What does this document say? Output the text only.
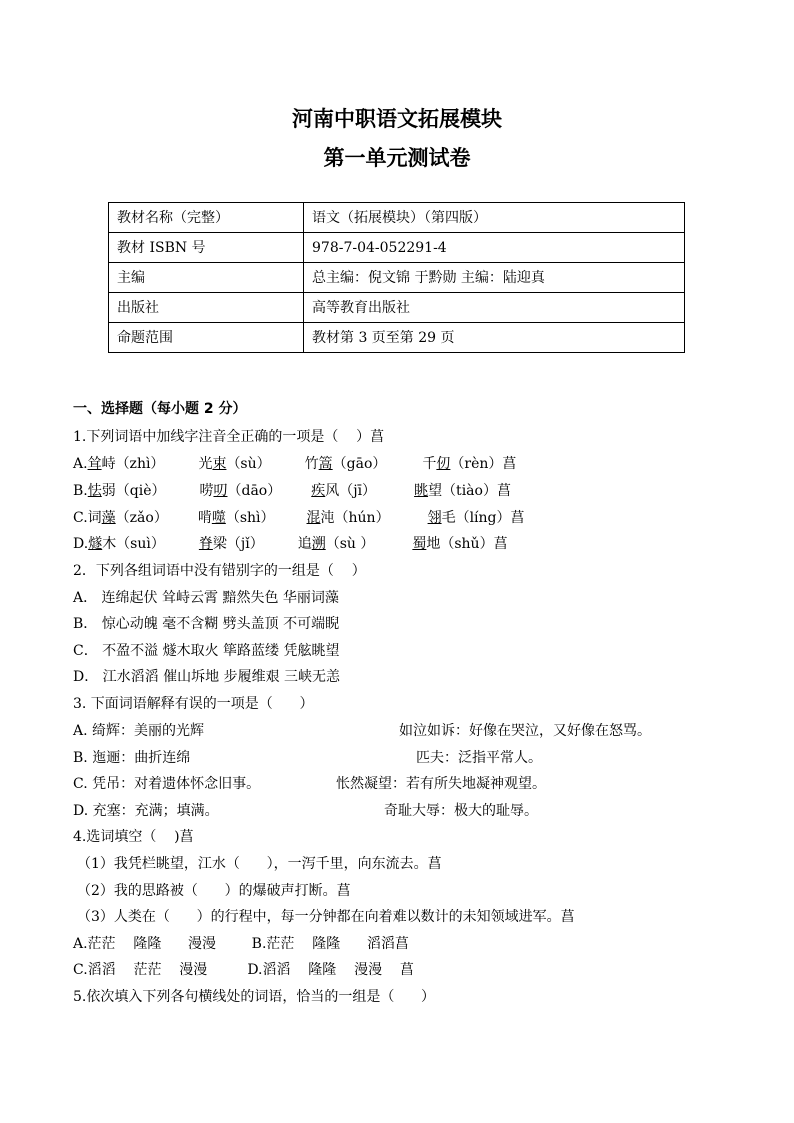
河南中职语文拓展模块
第一单元测试卷
教材名称（完整）	语文（拓展模块）（第四版）
教材 ISBN 号	978-7-04-052291-4
主编	总主编：倪文锦 于黔勋 主编：陆迎真
出版社	高等教育出版社
命题范围	教材第 3 页至第 29 页
一、选择题（每小题 2 分）
1.下列词语中加线字注音全正确的一项是（    ）菖
A.耸峙（zhì） 光束（sù） 竹篙（gāo）	千仞（rèn）菖
B.怯弱（qiè） 唠叨（dāo） 疾风（jī）	眺望（tiào）菖
C.词藻（zǎo） 啃噬（shì） 混沌（hún）	翎毛（líng）菖
D.燧木（suì） 脊梁（jǐ） 追溯（sù ）	蜀地（shǔ）菖
2．下列各组词语中没有错别字的一组是（    ）
A． 连绵起伏 耸峙云霄 黯然失色 华丽词藻
B． 惊心动魄 毫不含糊 劈头盖顶 不可端睨
C． 不盈不溢 燧木取火 筚路蓝缕 凭舷眺望
D． 江水滔滔 催山坼地 步履维艰 三峡无恙
3. 下面词语解释有误的一项是（      ）
A. 绮辉：美丽的光辉	如泣如诉：好像在哭泣，又好像在怒骂。
B. 迤逦：曲折连绵	匹夫：泛指平常人。
C. 凭吊：对着遗体怀念旧事。	怅然凝望：若有所失地凝神观望。
D. 充塞：充满；填满。	奇耻大辱：极大的耻辱。
4.选词填空（    )菖
（1）我凭栏眺望，江水（      ），一泻千里，向东流去。菖
（2）我的思路被（      ）的爆破声打断。菖
（3）人类在（      ）的行程中，每一分钟都在向着难以数计的未知领域进军。菖
A.茫茫    隆隆      漫漫        B.茫茫    隆隆      滔滔菖
C.滔滔    茫茫    漫漫         D.滔滔    隆隆    漫漫    菖
5.依次填入下列各句横线处的词语，恰当的一组是（      ）
